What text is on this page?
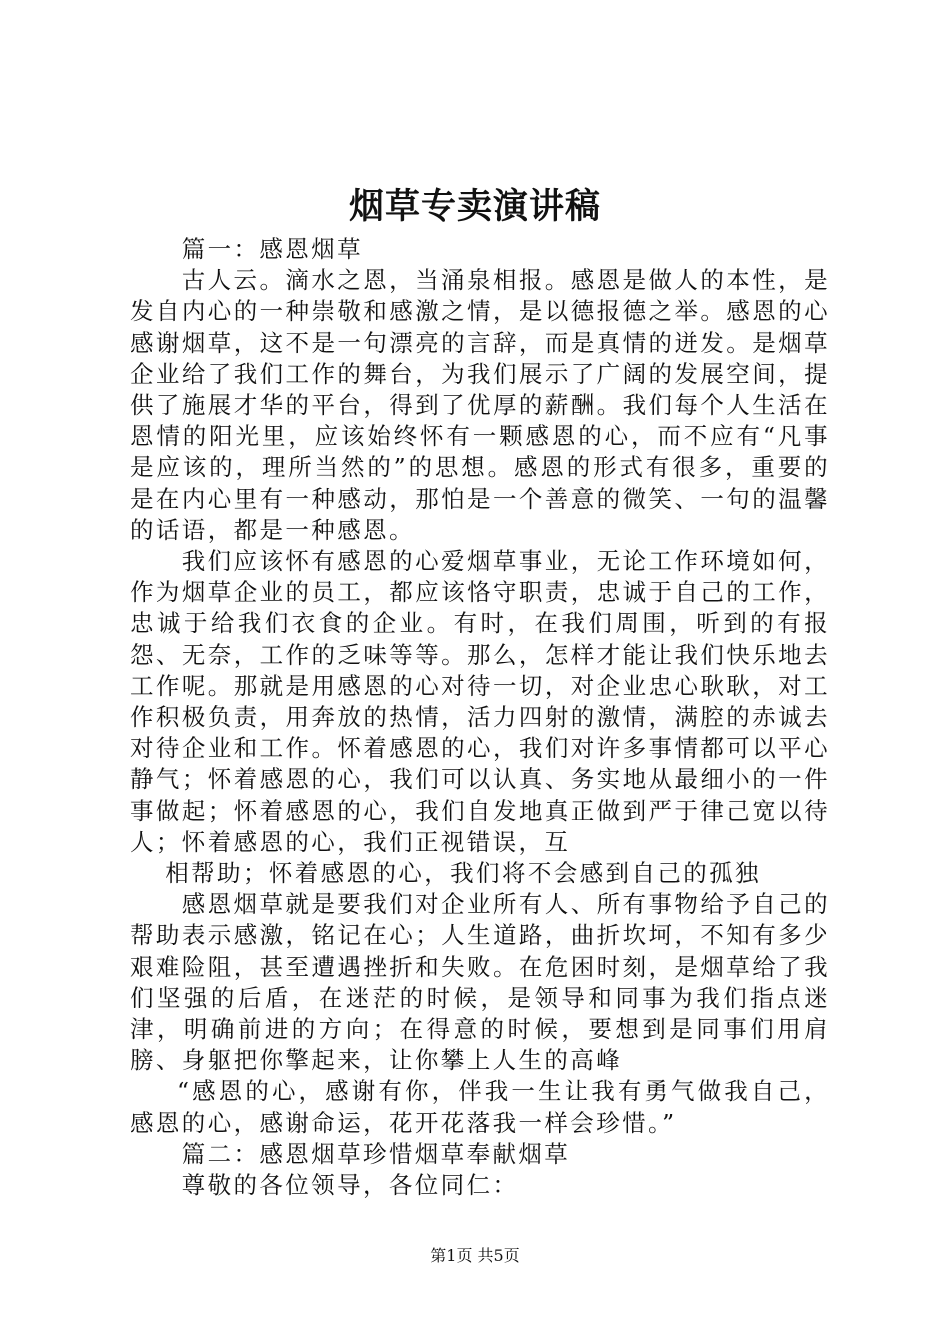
烟草专卖演讲稿

篇一：感恩烟草

古人云。滴水之恩，当涌泉相报。感恩是做人的本性，是发自内心的一种崇敬和感激之情，是以德报德之举。感恩的心感谢烟草，这不是一句漂亮的言辞，而是真情的迸发。是烟草企业给了我们工作的舞台，为我们展示了广阔的发展空间，提供了施展才华的平台，得到了优厚的薪酬。我们每个人生活在恩情的阳光里，应该始终怀有一颗感恩的心，而不应有“凡事是应该的，理所当然的”的思想。感恩的形式有很多，重要的是在内心里有一种感动，那怕是一个善意的微笑、一句的温馨的话语，都是一种感恩。

我们应该怀有感恩的心爱烟草事业，无论工作环境如何，作为烟草企业的员工，都应该恪守职责，忠诚于自己的工作，忠诚于给我们衣食的企业。有时，在我们周围，听到的有报怨、无奈，工作的乏味等等。那么，怎样才能让我们快乐地去工作呢。那就是用感恩的心对待一切，对企业忠心耿耿，对工作积极负责，用奔放的热情，活力四射的激情，满腔的赤诚去对待企业和工作。怀着感恩的心，我们对许多事情都可以平心静气；怀着感恩的心，我们可以认真、务实地从最细小的一件事做起；怀着感恩的心，我们自发地真正做到严于律己宽以待人；怀着感恩的心，我们正视错误，互

相帮助；怀着感恩的心，我们将不会感到自己的孤独

感恩烟草就是要我们对企业所有人、所有事物给予自己的帮助表示感激，铭记在心；人生道路，曲折坎坷，不知有多少艰难险阻，甚至遭遇挫折和失败。在危困时刻，是烟草给了我们坚强的后盾，在迷茫的时候，是领导和同事为我们指点迷津，明确前进的方向；在得意的时候，要想到是同事们用肩膀、身躯把你擎起来，让你攀上人生的高峰

“感恩的心，感谢有你，伴我一生让我有勇气做我自己，感恩的心，感谢命运，花开花落我一样会珍惜。”

篇二：感恩烟草珍惜烟草奉献烟草

尊敬的各位领导，各位同仁：

第1页 共5页
